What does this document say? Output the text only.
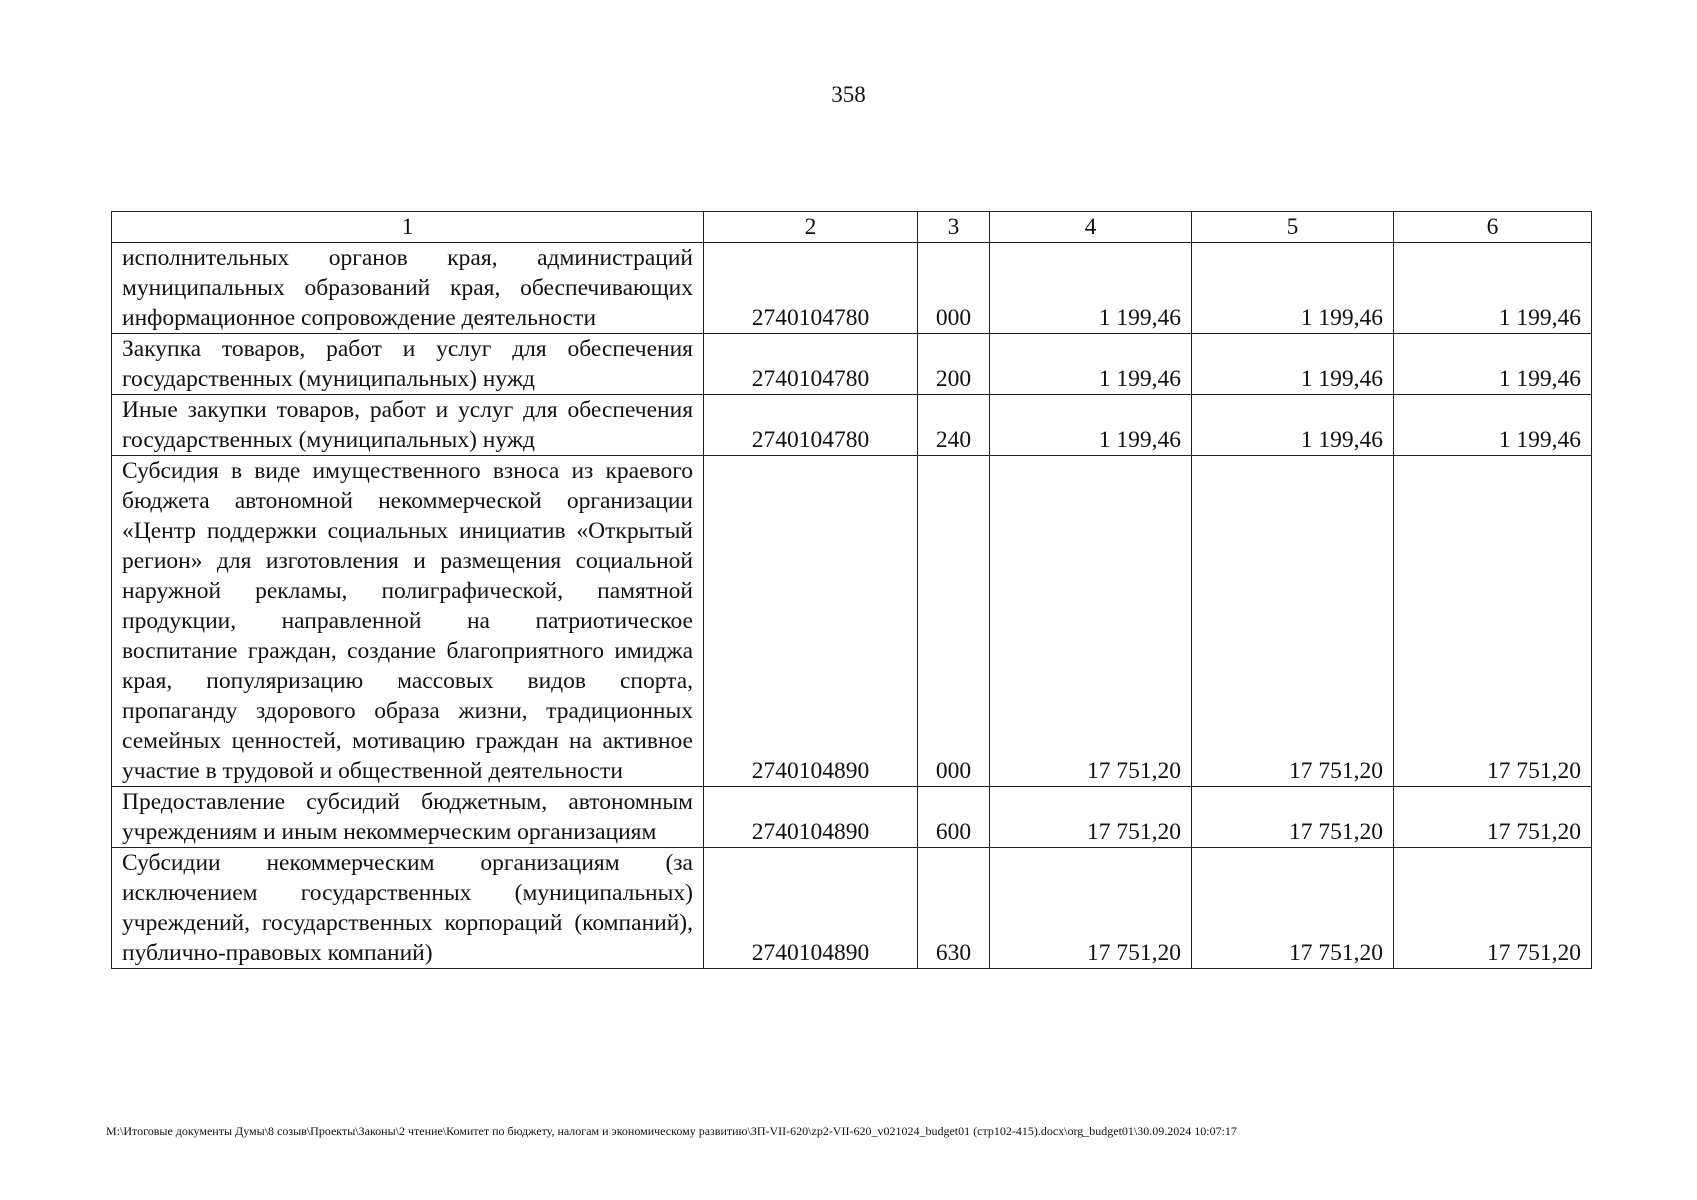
358
1	2	3	4	5	6
исполнительных органов края, администраций муниципальных образований края, обеспечивающих информационное сопровождение деятельности	2740104780	000	1 199,46	1 199,46	1 199,46
Закупка товаров, работ и услуг для обеспечения государственных (муниципальных) нужд	2740104780	200	1 199,46	1 199,46	1 199,46
Иные закупки товаров, работ и услуг для обеспечения государственных (муниципальных) нужд	2740104780	240	1 199,46	1 199,46	1 199,46
Субсидия в виде имущественного взноса из краевого бюджета автономной некоммерческой организации «Центр поддержки социальных инициатив «Открытый регион» для изготовления и размещения социальной наружной рекламы, полиграфической, памятной продукции, направленной на патриотическое воспитание граждан, создание благоприятного имиджа края, популяризацию массовых видов спорта, пропаганду здорового образа жизни, традиционных семейных ценностей, мотивацию граждан на активное участие в трудовой и общественной деятельности	2740104890	000	17 751,20	17 751,20	17 751,20
Предоставление субсидий бюджетным, автономным учреждениям и иным некоммерческим организациям	2740104890	600	17 751,20	17 751,20	17 751,20
Субсидии некоммерческим организациям (за исключением государственных (муниципальных) учреждений, государственных корпораций (компаний), публично-правовых компаний)	2740104890	630	17 751,20	17 751,20	17 751,20
М:\Итоговые документы Думы\8 созыв\Проекты\Законы\2 чтение\Комитет по бюджету, налогам и экономическому развитию\ЗП-VII-620\zp2-VII-620_v021024_budget01 (стр102-415).docx\org_budget01\30.09.2024 10:07:17
